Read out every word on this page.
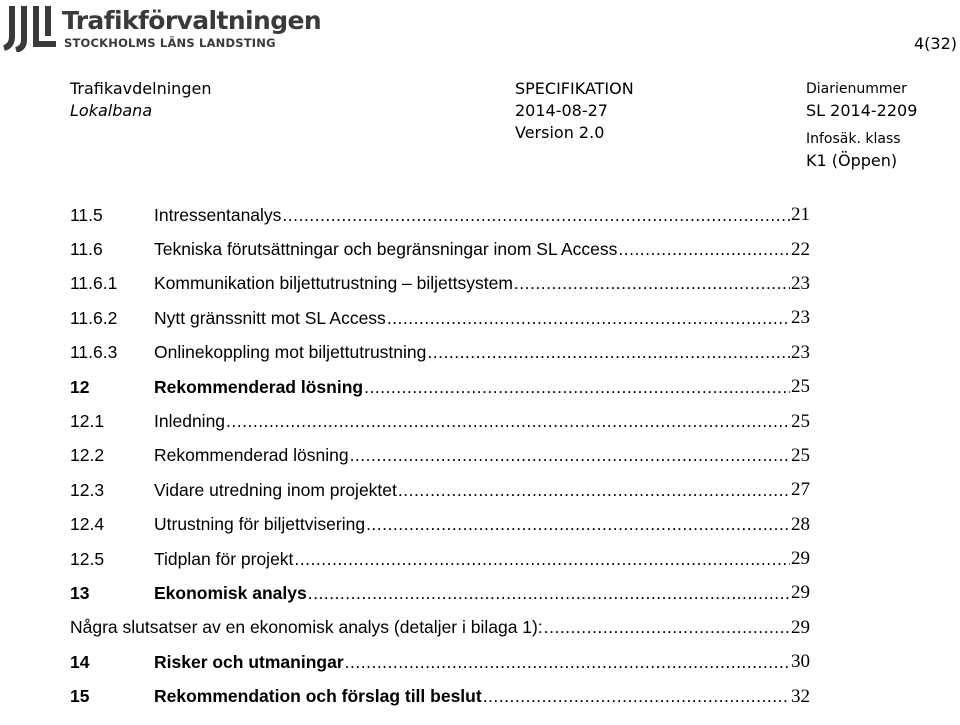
Trafikförvaltningen
STOCKHOLMS LÄNS LANDSTING	4(32)
Trafikavdelningen
Lokalbana
SPECIFIKATION
2014-08-27
Version 2.0
Diarienummer
SL 2014-2209
Infosäk. klass
K1 (Öppen)
11.5	Intressentanalys .....	21
11.6	Tekniska förutsättningar och begränsningar inom SL Access .....	22
11.6.1	Kommunikation biljettutrustning – biljettsystem .....	23
11.6.2	Nytt gränssnitt mot SL Access .....	23
11.6.3	Onlinekoppling mot biljettutrustning .....	23
12	Rekommenderad lösning .....	25
12.1	Inledning .....	25
12.2	Rekommenderad lösning .....	25
12.3	Vidare utredning inom projektet .....	27
12.4	Utrustning för biljettvisering .....	28
12.5	Tidplan för projekt .....	29
13	Ekonomisk analys .....	29
Några slutsatser av en ekonomisk analys (detaljer i bilaga 1): .....	29
14	Risker och utmaningar .....	30
15	Rekommendation och förslag till beslut .....	32
